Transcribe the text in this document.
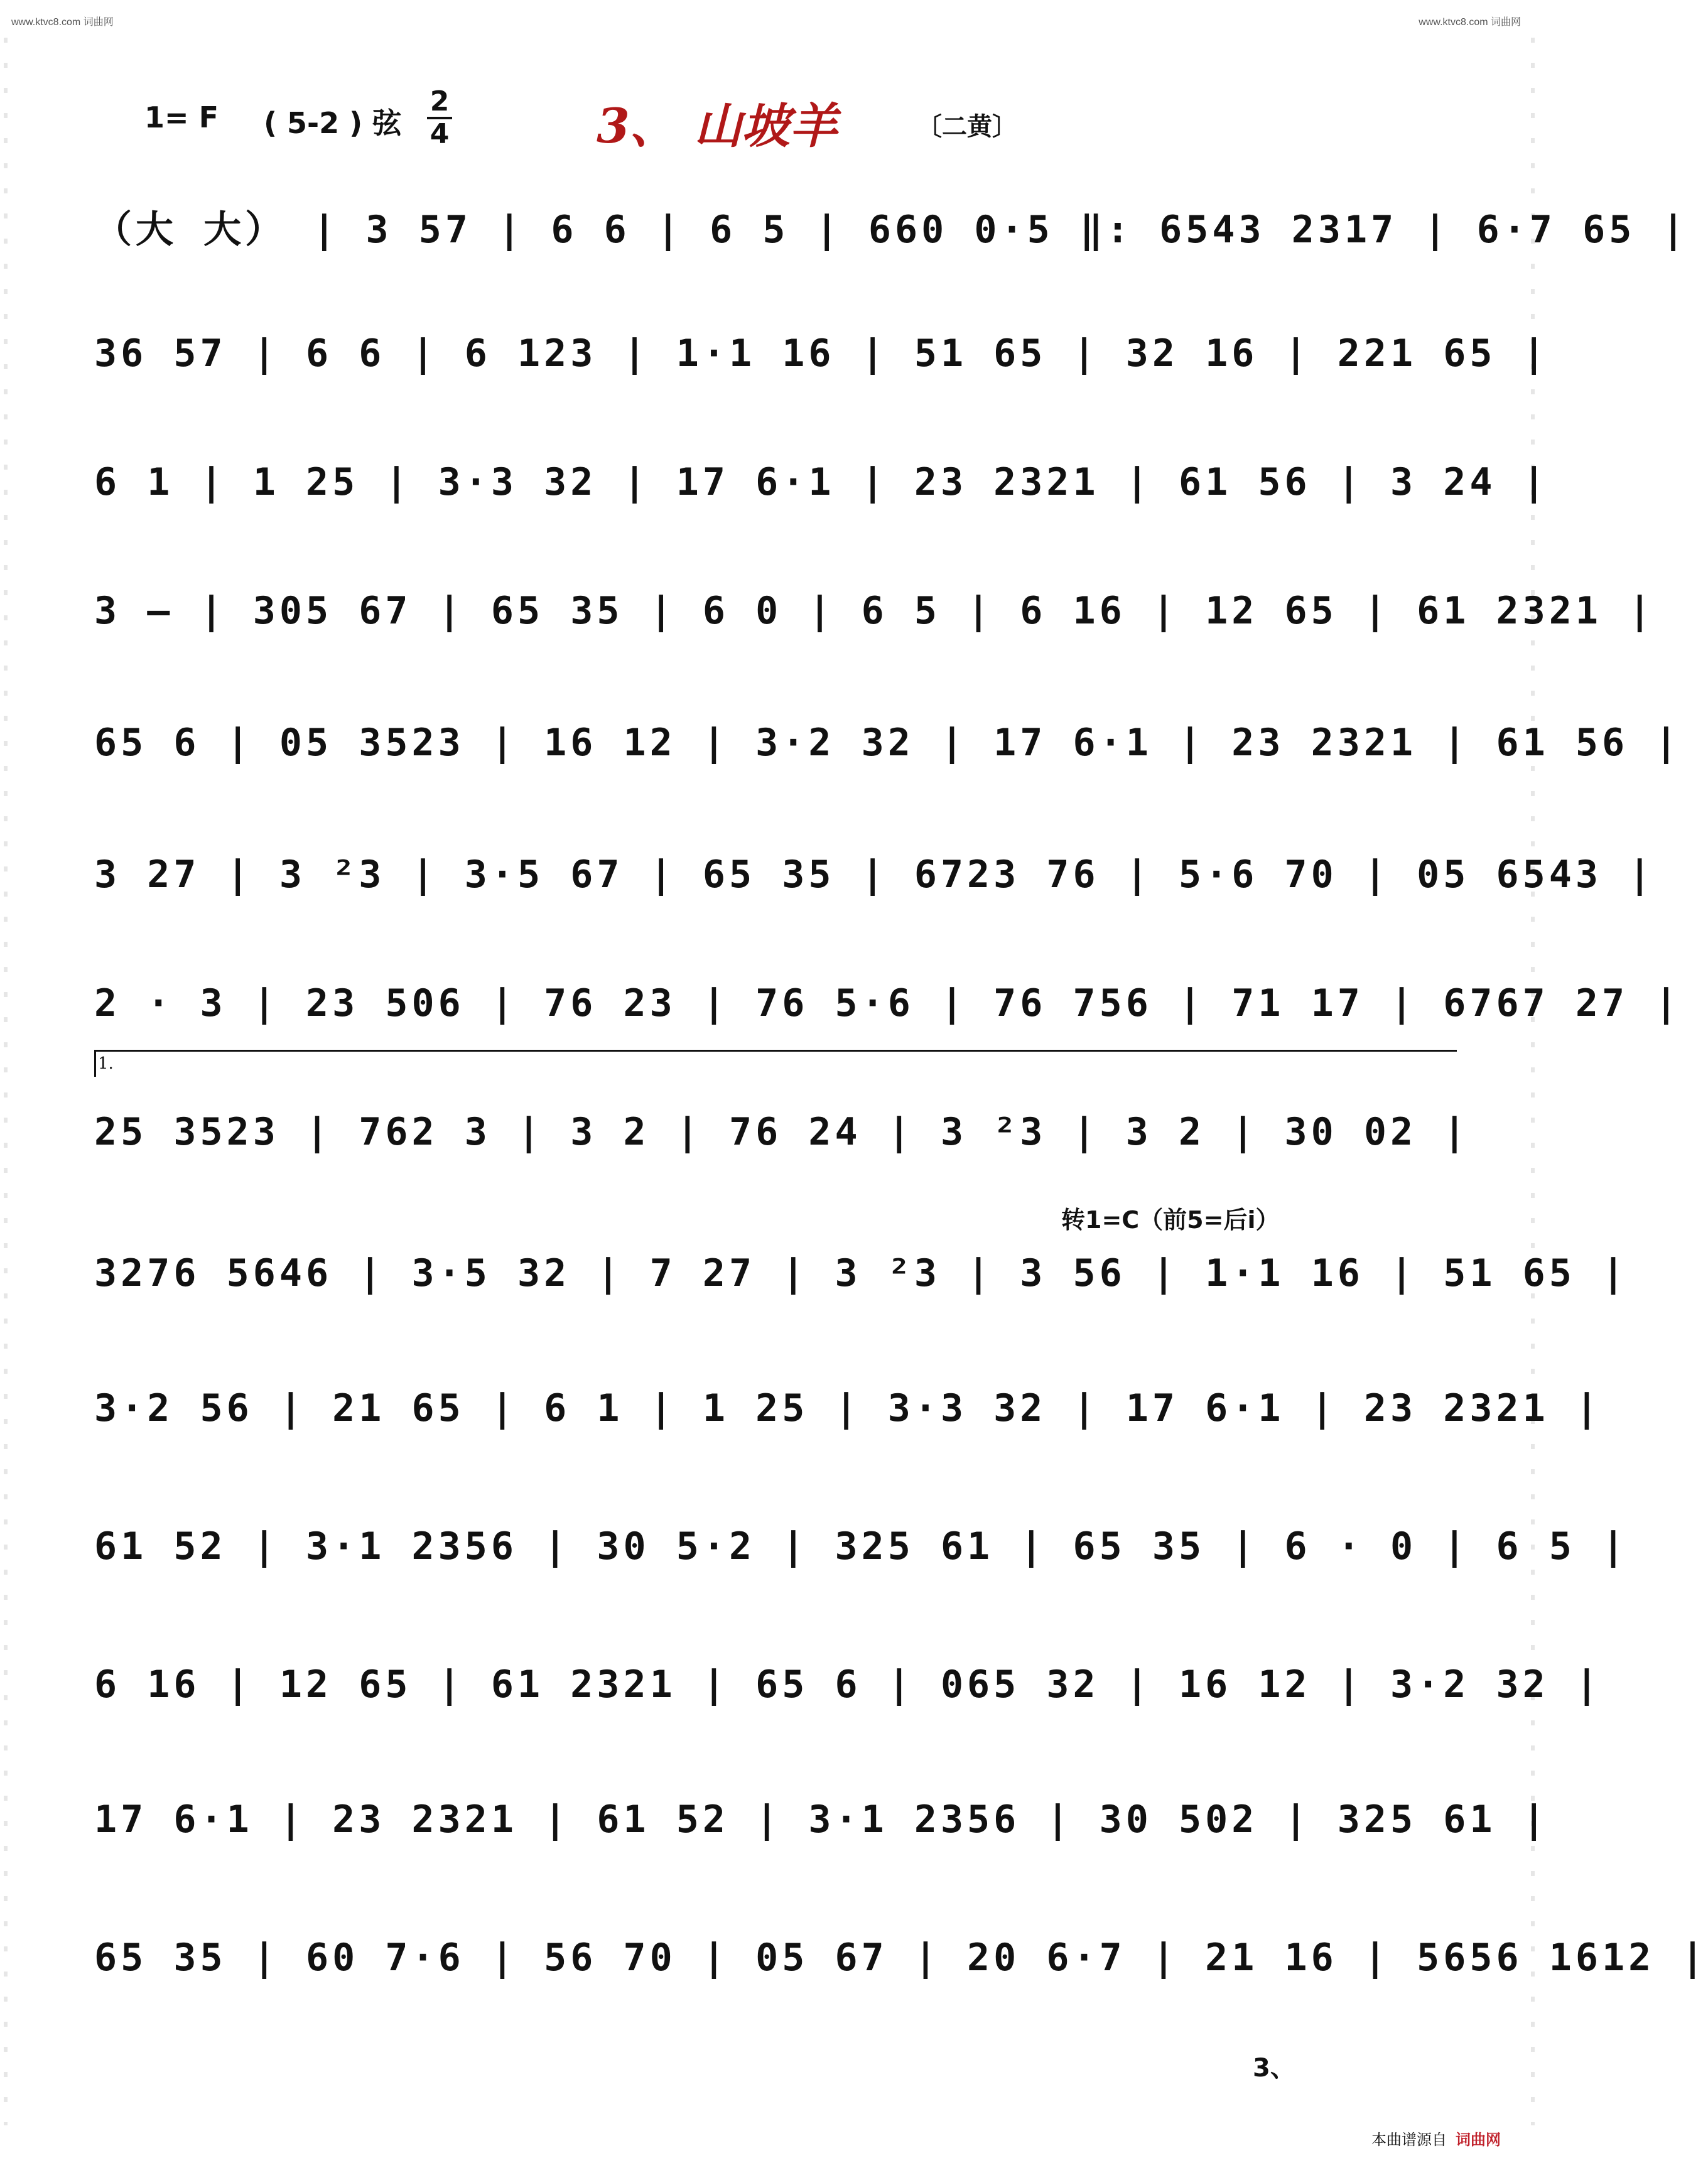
www.ktvc8.com 词曲网	www.ktvc8.com 词曲网
1= F ( 5-2 ) 弦
2
4	3、 山坡羊	〔二黄〕
（大 大） | 3 57 | 6 6 | 6 5 | 660 0·5 ‖: 6543 2317 | 6·7 65 |
36 57 | 6 6 | 6 123 | 1·1 16 | 51 65 | 32 16 | 221 65 |
6 1 | 1 25 | 3·3 32 | 17 6·1 | 23 2321 | 61 56 | 3 24 |
3 – | 305 67 | 65 35 | 6 0 | 6 5 | 6 16 | 12 65 | 61 2321 |
65 6 | 05 3523 | 16 12 | 3·2 32 | 17 6·1 | 23 2321 | 61 56 |
3 27 | 3 ²3 | 3·5 67 | 65 35 | 6723 76 | 5·6 70 | 05 6543 |
2 · 3 | 23 506 | 76 23 | 76 5·6 | 76 756 | 71 17 | 6767 27 |
1.
25 3523 | 762 3 | 3 2 | 76 24 | 3 ²3 | 3 2 | 30 02 |
转1=C（前5=后i）
3276 5646 | 3·5 32 | 7 27 | 3 ²3 | 3 56 | 1·1 16 | 51 65 |
3·2 56 | 21 65 | 6 1 | 1 25 | 3·3 32 | 17 6·1 | 23 2321 |
61 52 | 3·1 2356 | 30 5·2 | 325 61 | 65 35 | 6 · 0 | 6 5 |
6 16 | 12 65 | 61 2321 | 65 6 | 065 32 | 16 12 | 3·2 32 |
17 6·1 | 23 2321 | 61 52 | 3·1 2356 | 30 502 | 325 61 |
65 35 | 60 7·6 | 56 70 | 05 67 | 20 6·7 | 21 16 | 5656 1612 |
3、
本曲谱源自 词曲网
